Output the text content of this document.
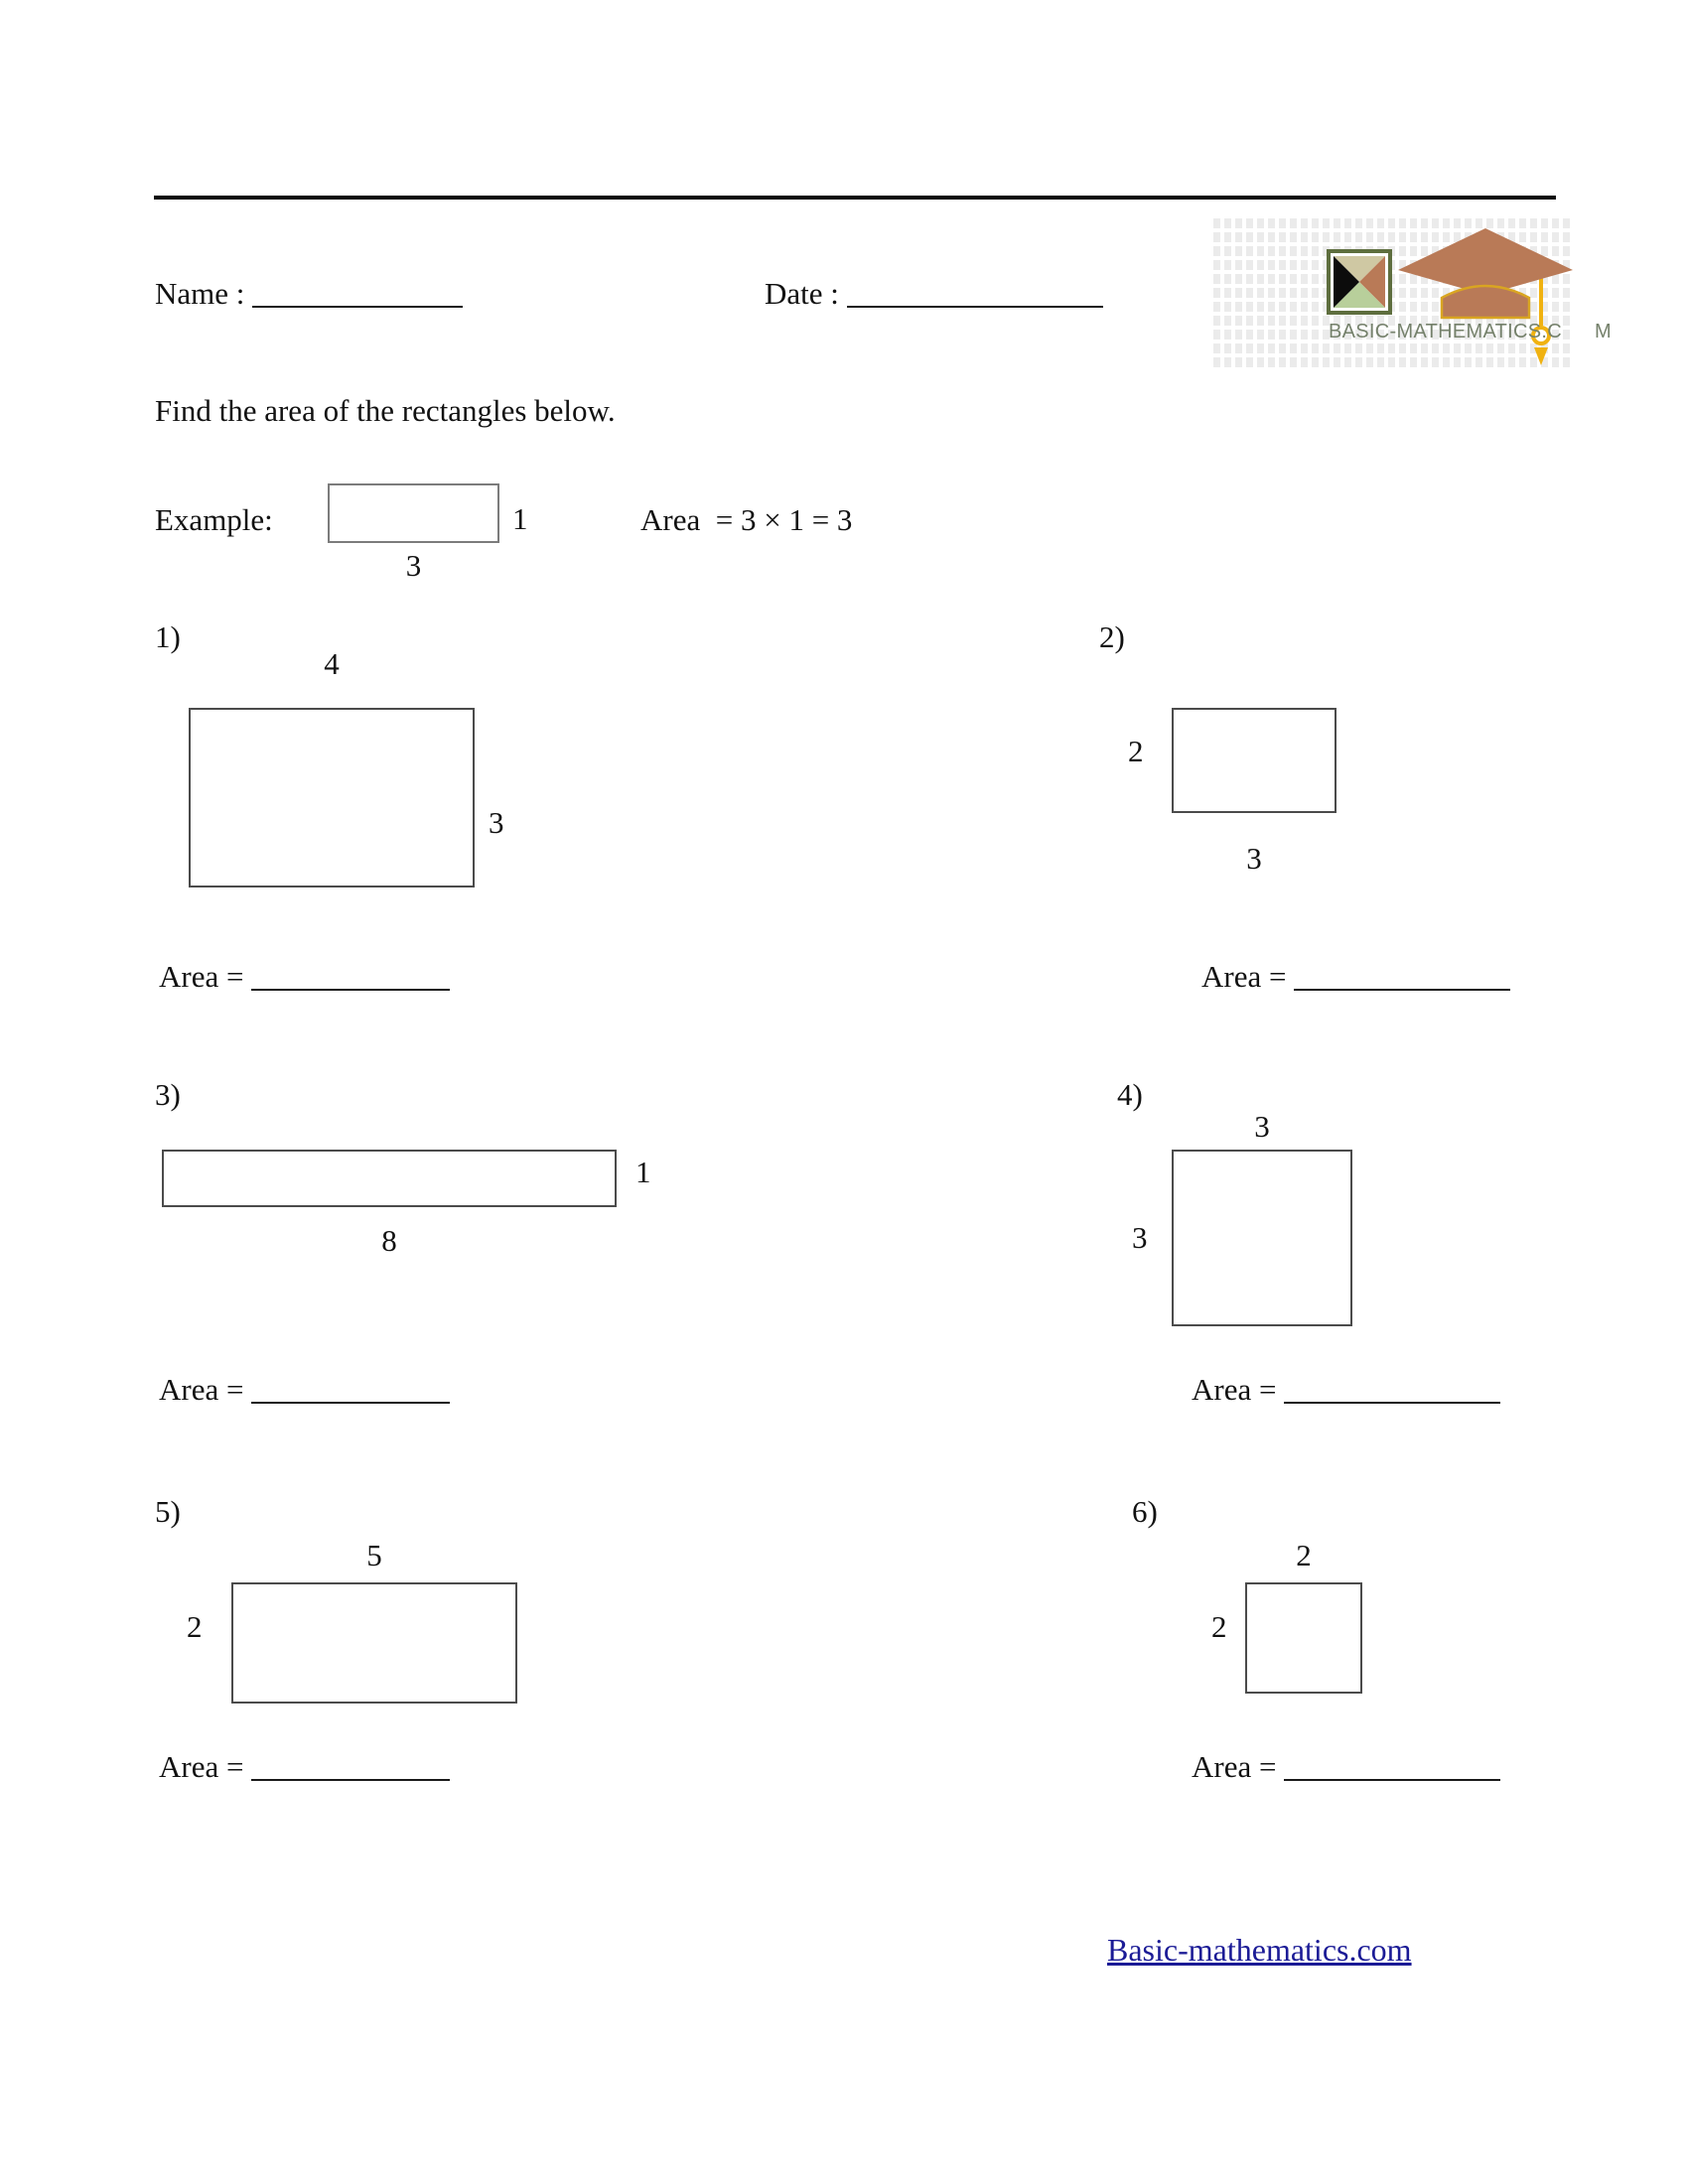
Name :	Date :
BASIC-MATHEMATICS.C M
Find the area of the rectangles below.
Example:	1
3
Area  = 3 × 1 = 3
1)
4
3
2)
2
3
Area =	Area =
3)
1
8
4)
3
3
Area =	Area =
5)
5
2
6)
2
2
Area =	Area =
Basic-mathematics.com
